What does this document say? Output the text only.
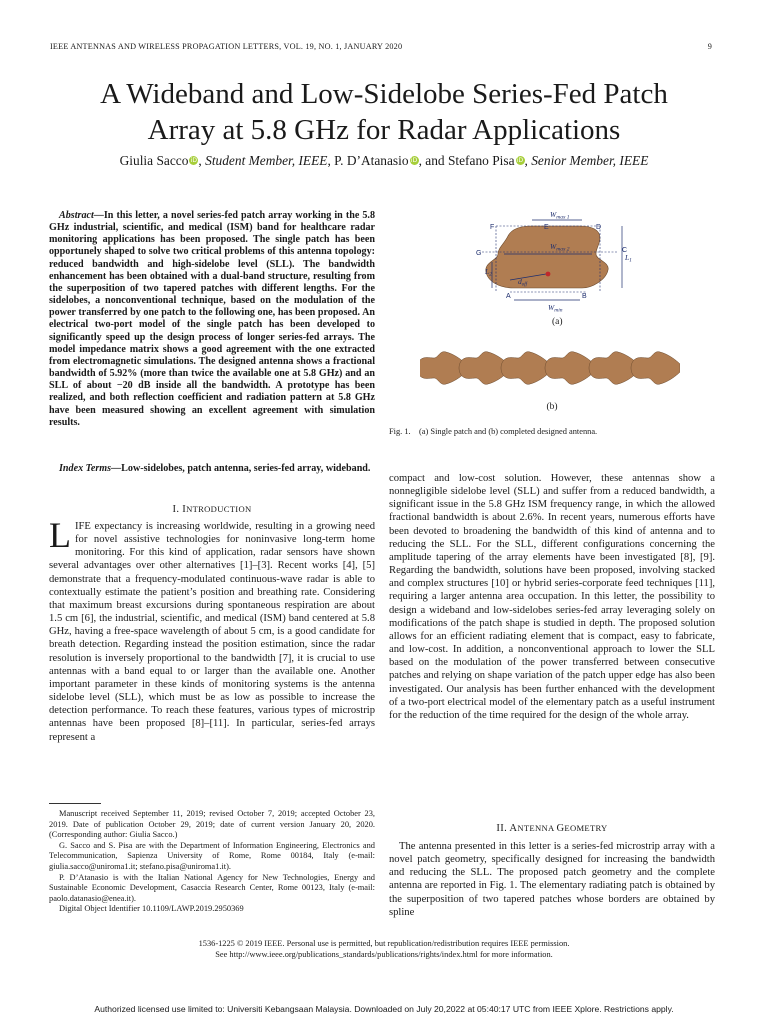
IEEE ANTENNAS AND WIRELESS PROPAGATION LETTERS, VOL. 19, NO. 1, JANUARY 2020	9
A Wideband and Low-Sidelobe Series-Fed Patch
Array at 5.8 GHz for Radar Applications
Giulia Sacco iD, Student Member, IEEE, P. D’Atanasio iD, and Stefano Pisa iD, Senior Member, IEEE
Abstract—In this letter, a novel series-fed patch array working in the 5.8 GHz industrial, scientific, and medical (ISM) band for healthcare radar monitoring applications has been proposed. The single patch has been opportunely shaped to solve two critical problems of this antenna topology: reduced bandwidth and high-sidelobe level (SLL). The bandwidth enhancement has been obtained with a dual-band structure, resulting from the superposition of two tapered patches with different lengths. For the sidelobes, a nonconventional technique, based on the modulation of the power transferred by one patch to the following one, has been proposed. An electrical two-port model of the single patch has been developed to significantly speed up the design process of longer series-fed arrays. The model impedance matrix shows a good agreement with the one extracted from electromagnetic simulations. The designed antenna shows a fractional bandwidth of 5.92% (more than twice the available one at 5.8 GHz) and an SLL of about −20 dB inside all the bandwidth. A prototype has been realized, and both reflection coefficient and radiation pattern at 5.8 GHz have been measured showing an excellent agreement with simulation results.
Index Terms—Low-sidelobes, patch antenna, series-fed array, wideband.
I. INTRODUCTION

LIFE expectancy is increasing worldwide, resulting in a growing need for novel assistive technologies for noninvasive long-term home monitoring. For this kind of application, radar sensors have shown several advantages over other alternatives [1]–[3]. Recent works [4], [5] demonstrate that a frequency-modulated continuous-wave radar is able to contextually estimate the patient’s position and breathing rate. Considering that maximum breast excursions during spontaneous respiration are about 1.5 cm [6], the industrial, scientific, and medical (ISM) band centered at 5.8 GHz, having a free-space wavelength of about 5 cm, is a good candidate for breath detection. Regarding instead the position estimation, since the radar resolution is inversely proportional to the bandwidth [7], it is crucial to use antennas with a band equal to or larger than the available one. Another important parameter in these kinds of monitoring systems is the antenna sidelobe level (SLL), which must be as low as possible to increase the detection performance. To reach these features, various types of microstrip antennas have been proposed [8]–[11]. In particular, series-fed arrays represent a

Manuscript received September 11, 2019; revised October 7, 2019; accepted October 23, 2019. Date of publication October 29, 2019; date of current version January 20, 2020. (Corresponding author: Giulia Sacco.)

G. Sacco and S. Pisa are with the Department of Information Engineering, Electronics and Telecommunication, Sapienza University of Rome, Rome 00184, Italy (e-mail: giulia.sacco@uniroma1.it; stefano.pisa@uniroma1.it).

P. D’Atanasio is with the Italian National Agency for New Technologies, Energy and Sustainable Economic Development, Casaccia Research Center, Rome 00123, Italy (e-mail: paolo.datanasio@enea.it).

Digital Object Identifier 10.1109/LAWP.2019.2950369

$W_{max 1}$
$W_{max 2}$
$W_{min}$
$L_1$
$L_2$
$d_{off}$
F	E	D
G	C
A	B
(a)
(b)
Fig. 1. (a) Single patch and (b) completed designed antenna.

compact and low-cost solution. However, these antennas show a nonnegligible sidelobe level (SLL) and suffer from a reduced bandwidth, a significant issue in the 5.8 GHz ISM frequency range, in which the allowed fractional bandwidth is about 2.6%. In recent years, numerous efforts have been devoted to broadening the bandwidth of this kind of antenna and to reducing the SLL. For the SLL, different configurations concerning the amplitude tapering of the array elements have been investigated [8], [9]. Regarding the bandwidth, solutions have been proposed, involving stacked and complex structures [10] or hybrid series-corporate feed techniques [11], requiring a larger antenna area occupation. In this letter, the possibility to design a wideband and low-sidelobes series-fed array leveraging solely on modifications of the patch shape is studied in depth. The proposed solution allows for an efficient radiating element that is compact, easy to fabricate, and low-cost. In addition, a nonconventional approach to lower the SLL based on the modulation of the power transferred between consecutive patches and relying on shape variation of the patch upper edge has also been investigated. Our analysis has been further enhanced with the development of a two-port electrical model of the elementary patch as a useful instrument for the reduction of the time required for the design of the whole array.

II. ANTENNA GEOMETRY

The antenna presented in this letter is a series-fed microstrip array with a novel patch geometry, specifically designed for increasing the bandwidth and reducing the SLL. The proposed patch geometry and the complete antenna are reported in Fig. 1. The elementary radiating patch is obtained by the superposition of two tapered patches whose borders are obtained by spline

1536-1225 © 2019 IEEE. Personal use is permitted, but republication/redistribution requires IEEE permission.
See http://www.ieee.org/publications_standards/publications/rights/index.html for more information.
Authorized licensed use limited to: Universiti Kebangsaan Malaysia. Downloaded on July 20,2022 at 05:40:17 UTC from IEEE Xplore. Restrictions apply.
